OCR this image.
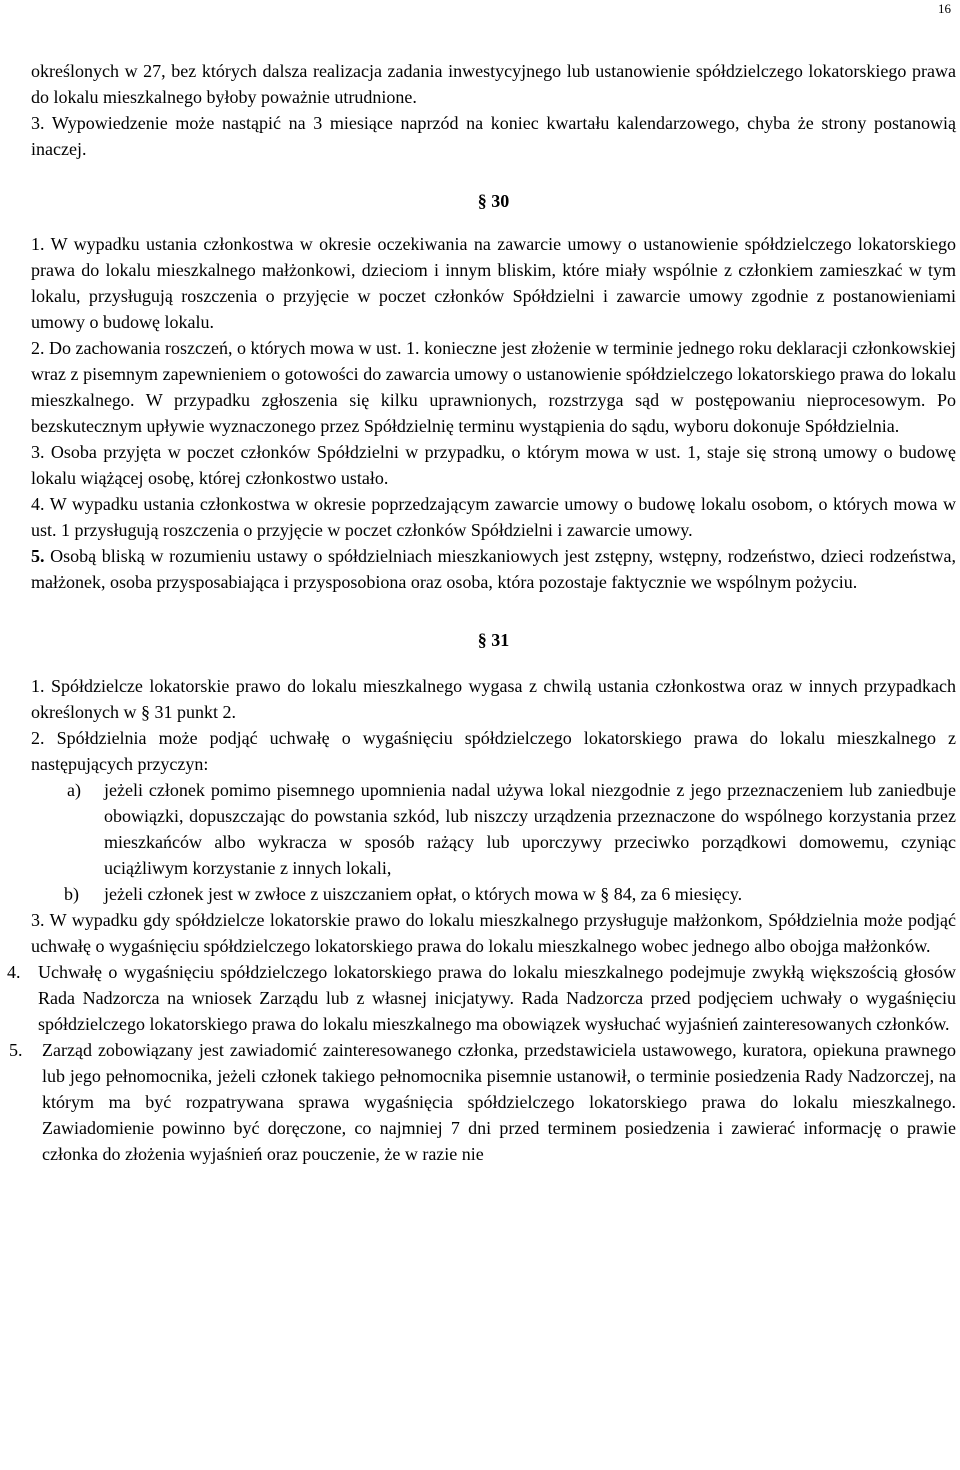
16

określonych w 27, bez których dalsza realizacja zadania inwestycyjnego lub ustanowienie spółdzielczego lokatorskiego prawa do lokalu mieszkalnego byłoby poważnie utrudnione.

3. Wypowiedzenie może nastąpić na 3 miesiące naprzód na koniec kwartału kalendarzowego, chyba że strony postanowią inaczej.

§ 30

1. W wypadku ustania członkostwa w okresie oczekiwania na zawarcie umowy o ustanowienie spółdzielczego lokatorskiego prawa do lokalu mieszkalnego małżonkowi, dzieciom i innym bliskim, które miały wspólnie z członkiem zamieszkać w tym lokalu, przysługują roszczenia o przyjęcie w poczet członków Spółdzielni i zawarcie umowy zgodnie z postanowieniami umowy o budowę lokalu.

2. Do zachowania roszczeń, o których mowa w ust. 1. konieczne jest złożenie w terminie jednego roku deklaracji członkowskiej wraz z pisemnym zapewnieniem o gotowości do zawarcia umowy o ustanowienie spółdzielczego lokatorskiego prawa do lokalu mieszkalnego. W przypadku zgłoszenia się kilku uprawnionych, rozstrzyga sąd w postępowaniu nieprocesowym. Po bezskutecznym upływie wyznaczonego przez Spółdzielnię terminu wystąpienia do sądu, wyboru dokonuje Spółdzielnia.

3. Osoba przyjęta w poczet członków Spółdzielni w przypadku, o którym mowa w ust. 1, staje się stroną umowy o budowę lokalu wiążącej osobę, której członkostwo ustało.

4. W wypadku ustania członkostwa w okresie poprzedzającym zawarcie umowy o budowę lokalu osobom, o których mowa w ust. 1 przysługują roszczenia o przyjęcie w poczet członków Spółdzielni i zawarcie umowy.

5. Osobą bliską w rozumieniu ustawy o spółdzielniach mieszkaniowych jest zstępny, wstępny, rodzeństwo, dzieci rodzeństwa, małżonek, osoba przysposabiająca i przysposobiona oraz osoba, która pozostaje faktycznie we wspólnym pożyciu.

§ 31

1. Spółdzielcze lokatorskie prawo do lokalu mieszkalnego wygasa z chwilą ustania członkostwa oraz w innych przypadkach określonych w § 31 punkt 2.

2. Spółdzielnia może podjąć uchwałę o wygaśnięciu spółdzielczego lokatorskiego prawa do lokalu mieszkalnego z następujących przyczyn:

a) jeżeli członek pomimo pisemnego upomnienia nadal używa lokal niezgodnie z jego przeznaczeniem lub zaniedbuje obowiązki, dopuszczając do powstania szkód, lub niszczy urządzenia przeznaczone do wspólnego korzystania przez mieszkańców albo wykracza w sposób rażący lub uporczywy przeciwko porządkowi domowemu, czyniąc uciążliwym korzystanie z innych lokali,

b) jeżeli członek jest w zwłoce z uiszczaniem opłat, o których mowa w § 84, za 6 miesięcy.

3. W wypadku gdy spółdzielcze lokatorskie prawo do lokalu mieszkalnego przysługuje małżonkom, Spółdzielnia może podjąć uchwałę o wygaśnięciu spółdzielczego lokatorskiego prawa do lokalu mieszkalnego wobec jednego albo obojga małżonków.

4. Uchwałę o wygaśnięciu spółdzielczego lokatorskiego prawa do lokalu mieszkalnego podejmuje zwykłą większością głosów Rada Nadzorcza na wniosek Zarządu lub z własnej inicjatywy. Rada Nadzorcza przed podjęciem uchwały o wygaśnięciu spółdzielczego lokatorskiego prawa do lokalu mieszkalnego ma obowiązek wysłuchać wyjaśnień zainteresowanych członków.

5. Zarząd zobowiązany jest zawiadomić zainteresowanego członka, przedstawiciela ustawowego, kuratora, opiekuna prawnego lub jego pełnomocnika, jeżeli członek takiego pełnomocnika pisemnie ustanowił, o terminie posiedzenia Rady Nadzorczej, na którym ma być rozpatrywana sprawa wygaśnięcia spółdzielczego lokatorskiego prawa do lokalu mieszkalnego. Zawiadomienie powinno być doręczone, co najmniej 7 dni przed terminem posiedzenia i zawierać informację o prawie członka do złożenia wyjaśnień oraz pouczenie, że w razie nie
